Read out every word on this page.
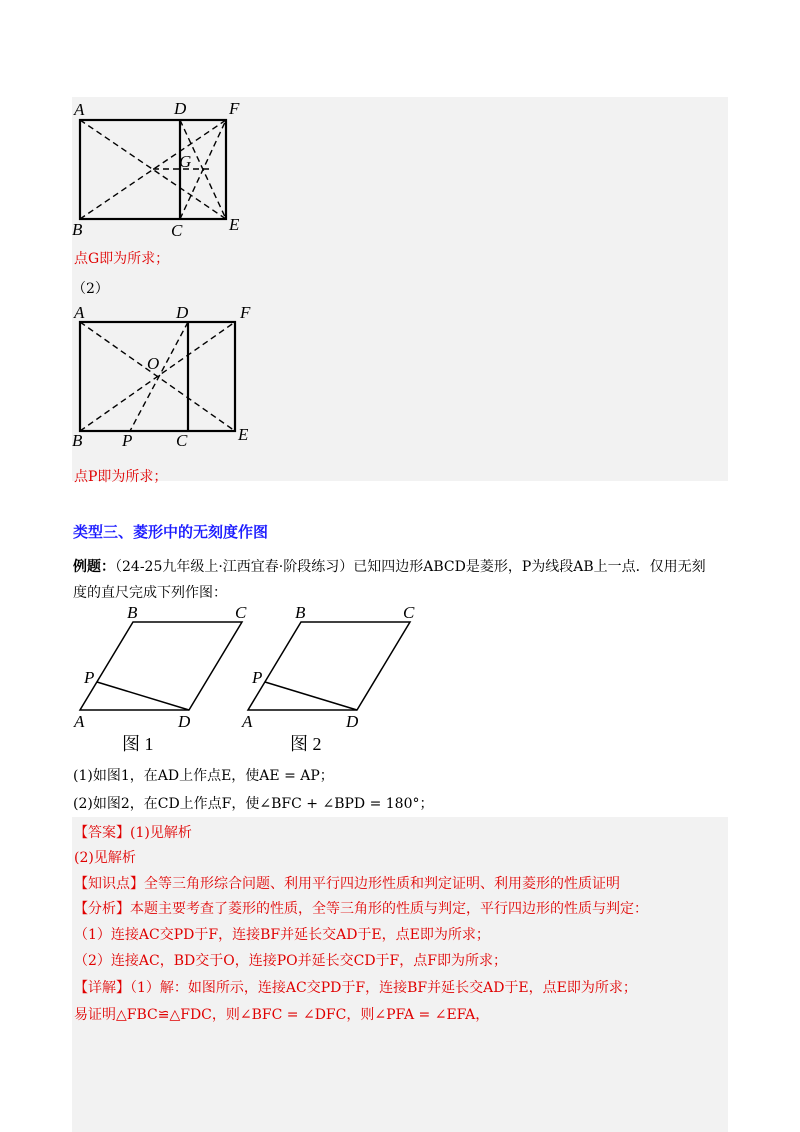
A	D	F
G
B	C	E
点G即为所求；
（2）
A	D	F
O
B P	C	E
点P即为所求；
类型三、菱形中的无刻度作图
例题：（24-25九年级上·江西宜春·阶段练习）已知四边形ABCD是菱形，P为线段AB上一点．仅用无刻
度的直尺完成下列作图：
B	C
P
A	D
图 1
B	C
P
A	D
图 2
(1)如图1，在AD上作点E，使AE = AP；
(2)如图2，在CD上作点F，使∠BFC + ∠BPD = 180°；
【答案】(1)见解析
(2)见解析
【知识点】全等三角形综合问题、利用平行四边形性质和判定证明、利用菱形的性质证明
【分析】本题主要考查了菱形的性质，全等三角形的性质与判定，平行四边形的性质与判定：
（1）连接AC交PD于F，连接BF并延长交AD于E，点E即为所求；
（2）连接AC，BD交于O，连接PO并延长交CD于F，点F即为所求；
【详解】（1）解：如图所示，连接AC交PD于F，连接BF并延长交AD于E，点E即为所求；
易证明△FBC≌△FDC，则∠BFC = ∠DFC，则∠PFA = ∠EFA，
